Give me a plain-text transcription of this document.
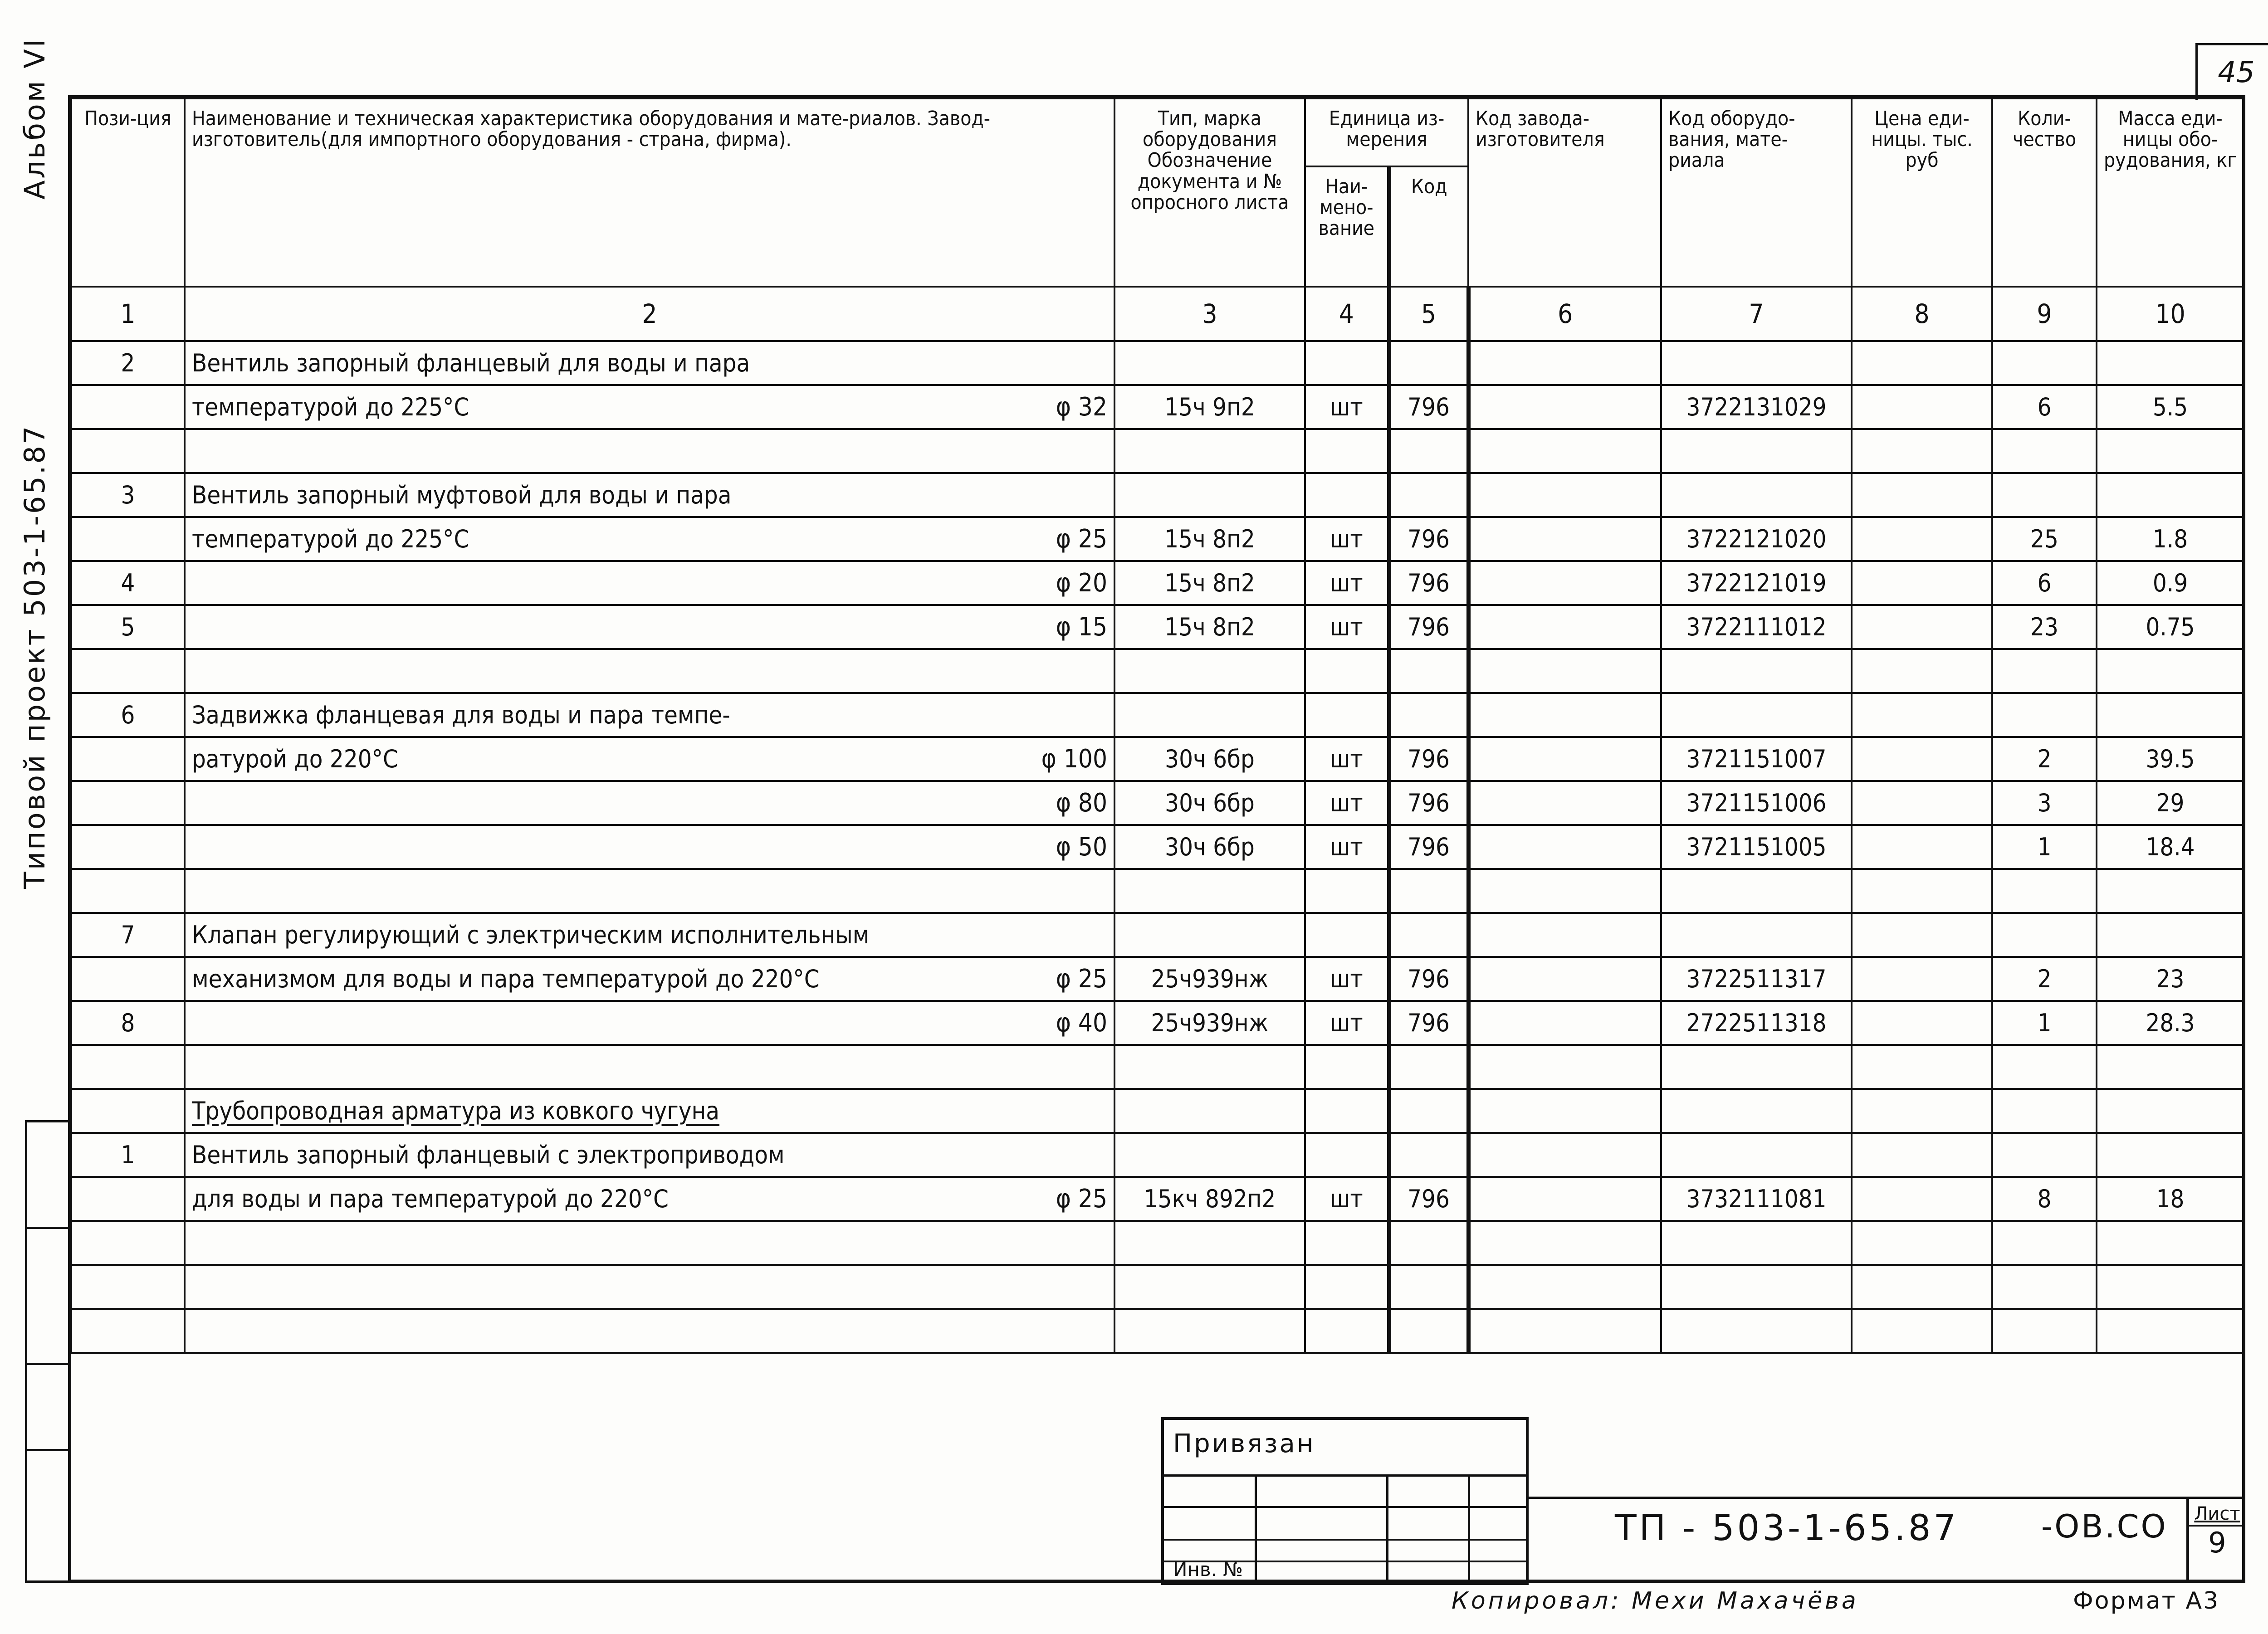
Альбом VI
Типовой проект 503-1-65.87
45
Пози-ция	Наименование и техническая характеристика оборудования и мате-риалов. Завод-изготовитель(для импортного оборудования - страна, фирма).	Тип, марка оборудования Обозначение документа и № опросного листа	Единица из-мерения		Код завода-изготовителя	Код оборудо-вания, мате-риала	Цена еди-ницы. тыс. руб	Коли-чество	Масса еди-ницы обо-рудования, кг
			Наи-мено-вание	Код					
1	2	3	4	5	6	7	8	9	10
2	Вентиль запорный фланцевый для воды и пара								

	температурой до 225°С φ 32	15ч 9п2	шт	796		3722131029		6	5.5

3	Вентиль запорный муфтовой для воды и пара								

	температурой до 225°С φ 25	15ч 8п2	шт	796		3722121020		25	1.8
4	φ 20	15ч 8п2	шт	796		3722121019		6	0.9
5	φ 15	15ч 8п2	шт	796		3722111012		23	0.75

6	Задвижка фланцевая для воды и пара темпе-								

	ратурой до 220°С φ 100	30ч 6бр	шт	796		3721151007		2	39.5

	φ 80	30ч 6бр	шт	796		3721151006		3	29

	φ 50	30ч 6бр	шт	796		3721151005		1	18.4

7	Клапан регулирующий с электрическим исполнительным								

	механизмом для воды и пара температурой до 220°С φ 25	25ч939нж	шт	796		3722511317		2	23
8	φ 40	25ч939нж	шт	796		2722511318		1	28.3

	Трубопроводная арматура из ковкого чугуна								

1	Вентиль запорный фланцевый с электроприводом								

	для воды и пара температурой до 220°С φ 25	15кч 892п2	шт	796		3732111081		8	18

Привязан
Инв. №
ТП - 503-1-65.87	-ОВ.СО Лист
9
Копировал: Мехи Махачёва	Формат А3
